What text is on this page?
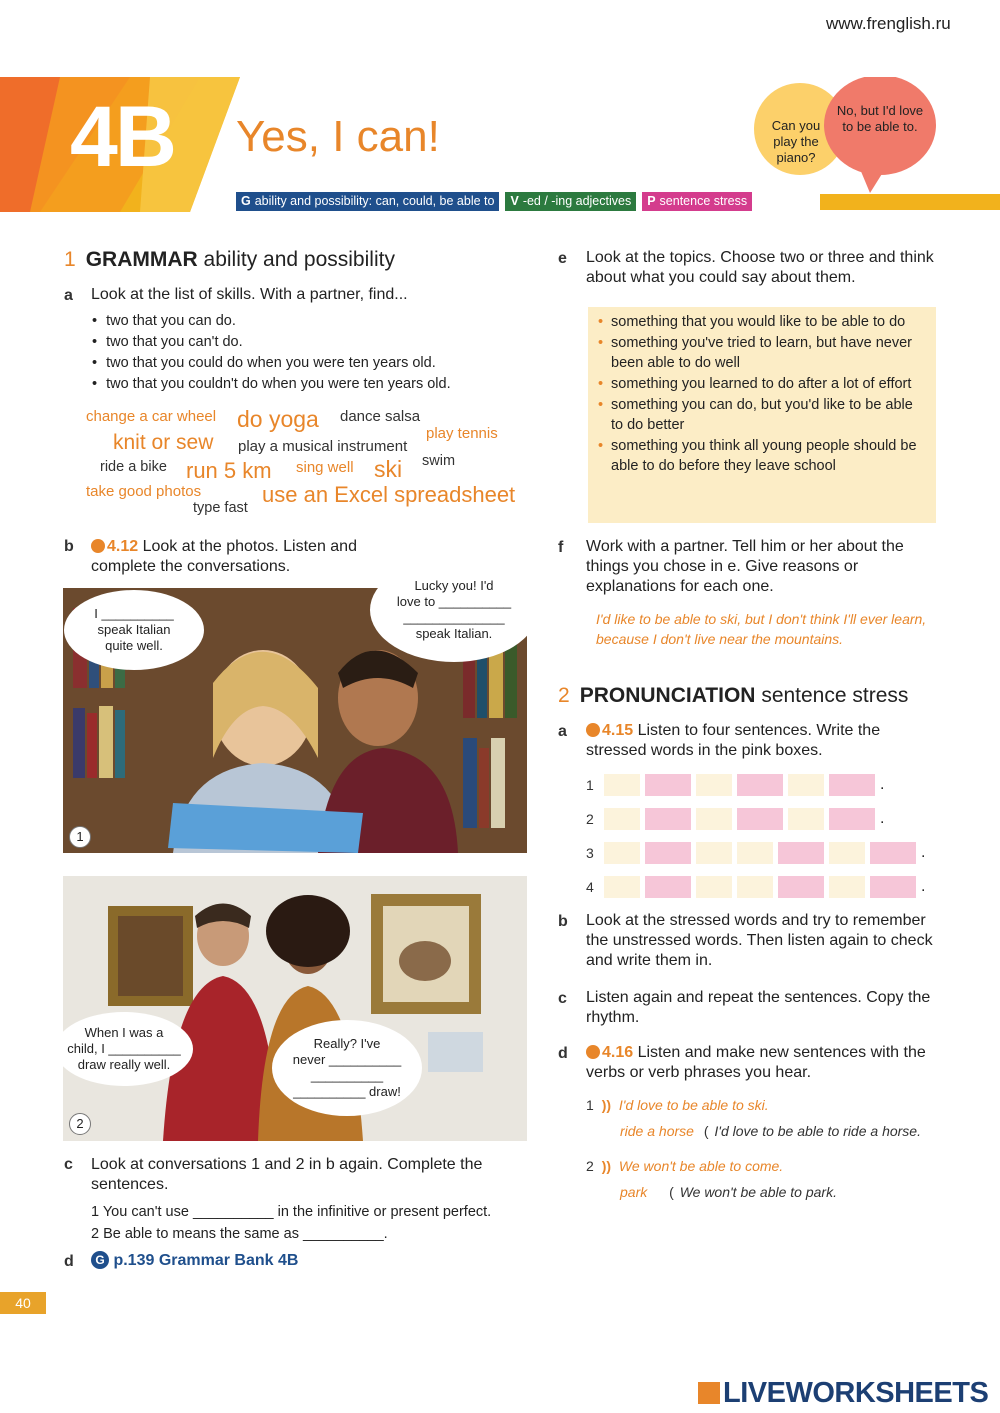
www.frenglish.ru
4B Yes, I can!	Can you play the piano?
No, but I'd love to be able to.
G ability and possibility: can, could, be able to	V -ed / -ing adjectives	P sentence stress
1 GRAMMAR ability and possibility
a Look at the list of skills. With a partner, find...
• two that you can do.
• two that you can't do.
• two that you could do when you were ten years old.
• two that you couldn't do when you were ten years old.
change a car wheel do yoga dance salsa
knit or sew play a musical instrument
play tennis
ride a bike run 5 km sing well ski swim
take good photos	use an Excel spreadsheet
type fast
b	4.12 Look at the photos. Listen and complete the conversations.
I __________
speak Italian
quite well.
Lucky you! I'd
love to __________
______________
speak Italian.
1
When I was a
child, I __________
draw really well.
Really? I've
never __________
__________
__________ draw!
2
c Look at conversations 1 and 2 in b again. Complete the sentences.
1 You can't use __________ in the infinitive or present perfect.
2 Be able to means the same as __________.
d	G p.139 Grammar Bank 4B
e Look at the topics. Choose two or three and think about what you could say about them.
• something that you would like to be able to do
• something you've tried to learn, but have never been able to do well
• something you learned to do after a lot of effort
• something you can do, but you'd like to be able to do better
• something you think all young people should be able to do before they leave school
f Work with a partner. Tell him or her about the things you chose in e. Give reasons or explanations for each one.
I'd like to be able to ski, but I don't think I'll ever learn, because I don't live near the mountains.
2 PRONUNCIATION sentence stress
a	4.15 Listen to four sentences. Write the stressed words in the pink boxes.
1	.
2	.
3	.
4	.
b Look at the stressed words and try to remember the unstressed words. Then listen again to check and write them in.
c Listen again and repeat the sentences. Copy the rhythm.
d	4.16 Listen and make new sentences with the verbs or verb phrases you hear.
1 )) I'd love to be able to ski.
ride a horse ( I'd love to be able to ride a horse.
2 )) We won't be able to come.
park ( We won't be able to park.
40
LIVEWORKSHEETS
